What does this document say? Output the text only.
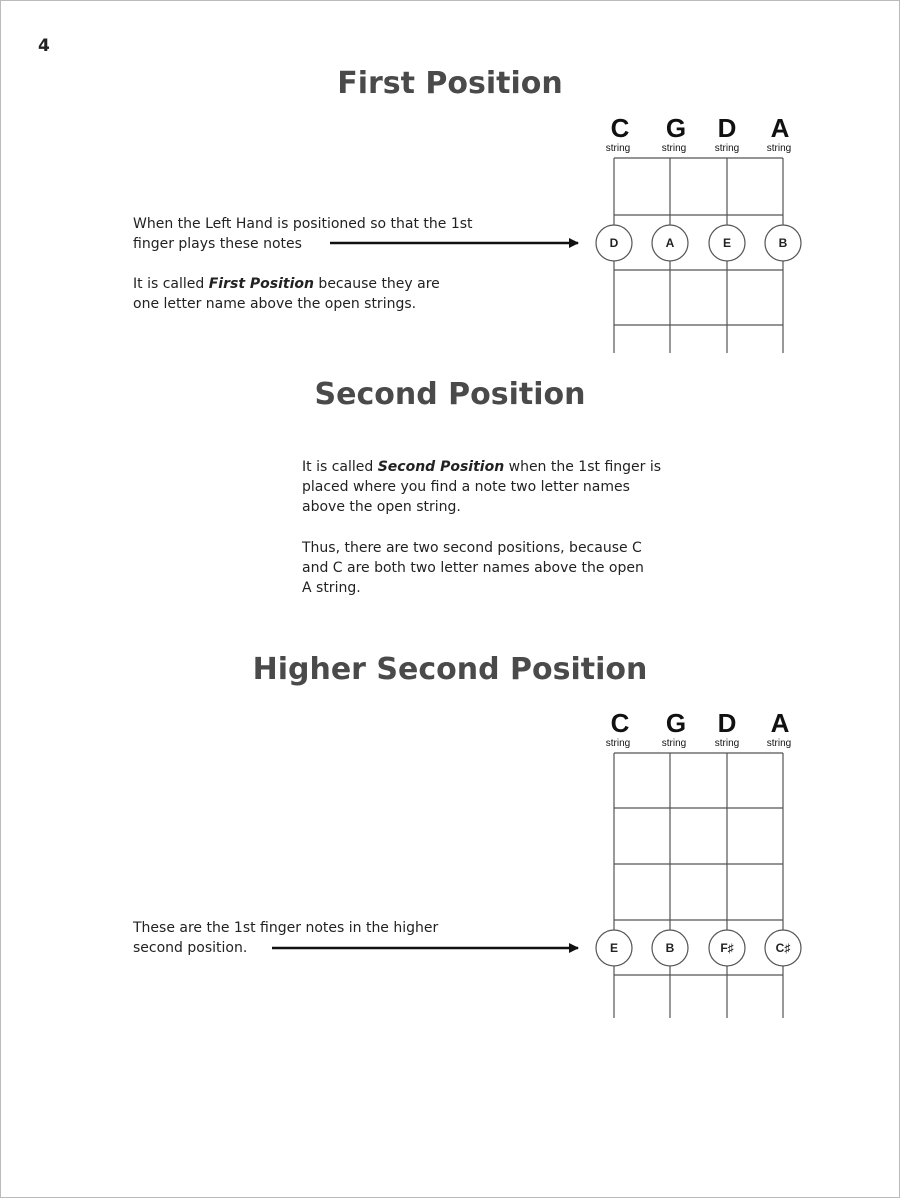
4
First Position

When the Left Hand is positioned so that the 1st
finger plays these notes

It is called First Position because they are
one letter name above the open strings.

C G D A
string	string	string	string
D	A	E	B
Second Position

It is called Second Position when the 1st finger is
placed where you find a note two letter names
above the open string.

Thus, there are two second positions, because C
and C are both two letter names above the open
A string.

Higher Second Position

These are the 1st finger notes in the higher
second position.

C G D A
string	string	string	string
E	B	F♯	C♯
